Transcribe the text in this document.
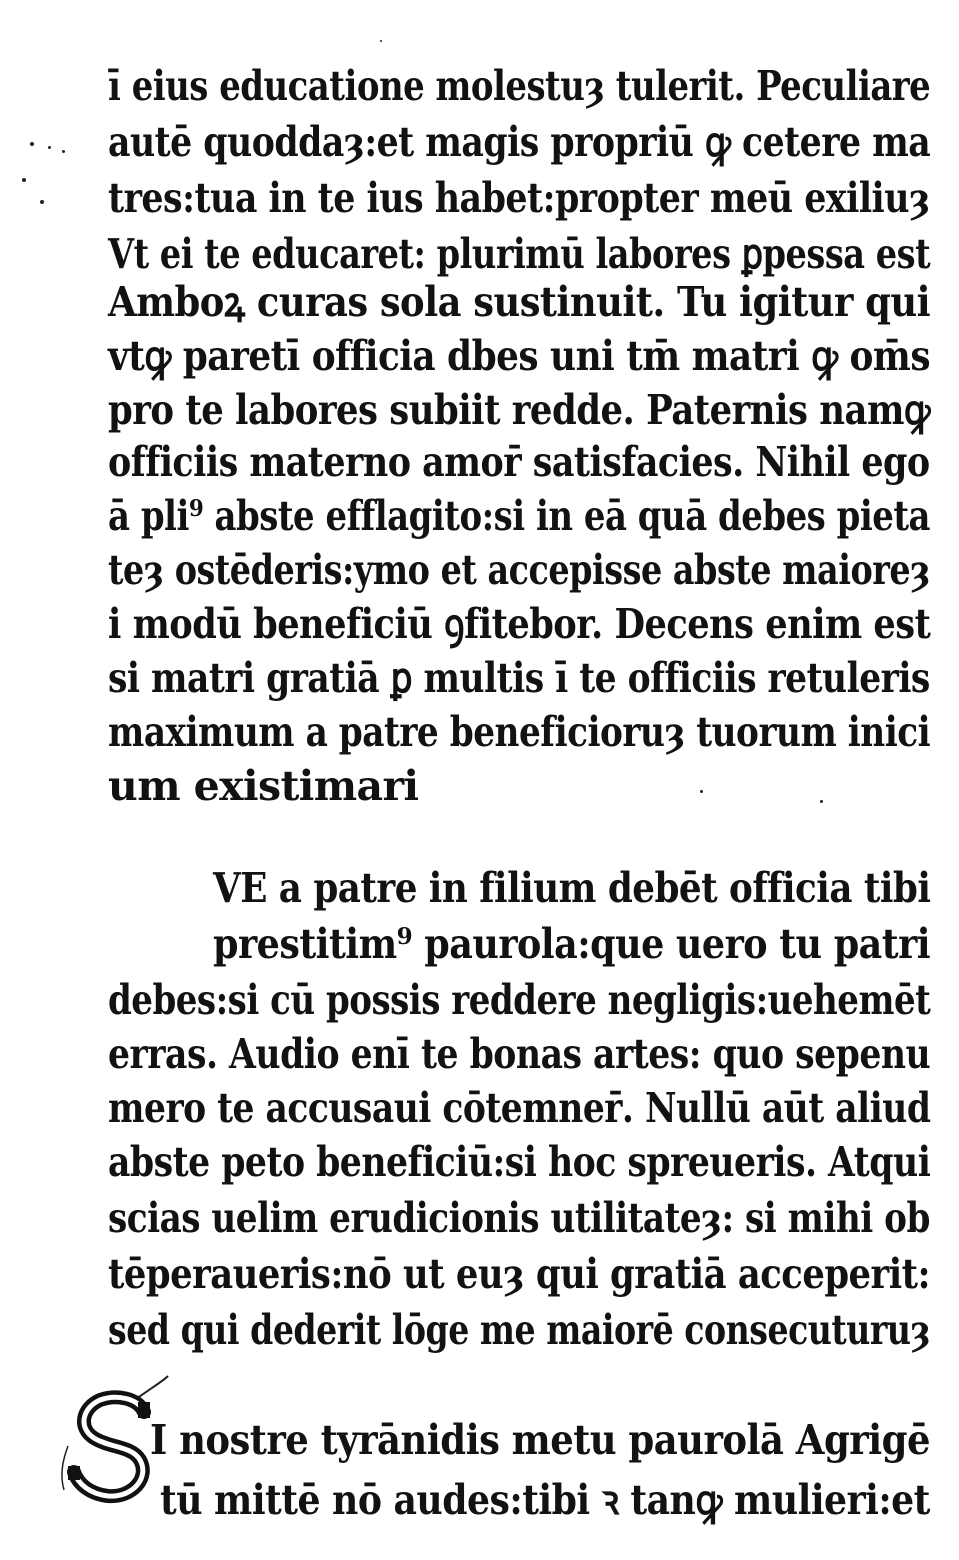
ī eius educatione molestuȝ tulerit. Peculiare
autē quoddaȝ:et magis propriū ꝙ cetere ma
tres:tua in te ius habet:propter meū exiliuȝ
Vt ei te educaret: plurimū labores ꝑpessa est
Amboꝝ curas sola sustinuit. Tu igitur qui
vtꝙ paretī officia dbes uni tm̄ matri ꝙ om̄s
pro te labores subiit redde. Paternis namꝙ
officiis materno amor̄ satisfacies. Nihil ego
ā pli⁹ abste efflagito:si in eā quā debes pieta
teȝ ostēderis:ymo et accepisse abste maioreȝ
i modū beneficiū ꝯfitebor. Decens enim est
si matri gratiā ꝑ multis ī te officiis retuleris
maximum a patre beneficioruȝ tuorum inici
um existimari
VE a patre in filium debēt officia tibi
prestitim⁹ paurola:que uero tu patri
debes:si cū possis reddere negligis:uehemēt
erras. Audio enī te bonas artes: quo sepenu
mero te accusaui cōtemner̄. Nullū aūt aliud
abste peto beneficiū:si hoc spreueris. Atqui
scias uelim erudicionis utilitateȝ: si mihi ob
tēperaueris:nō ut euȝ qui gratiā acceperit:
sed qui dederit lōge me maiorē consecuturuȝ
I nostre tyrānidis metu paurolā Agrigē
tū mittē nō audes:tibi ꝛ tanꝙ mulieri:et
